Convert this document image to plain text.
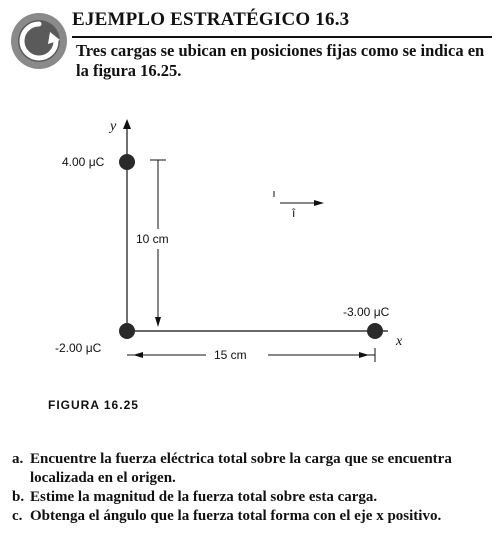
EJEMPLO ESTRATÉGICO 16.3
Tres cargas se ubican en posiciones fijas como se indica en la figura 16.25.
y
x
10 cm
15 cm
î
4.00 μC
-2.00 μC
-3.00 μC
FIGURA 16.25
a. Encuentre la fuerza eléctrica total sobre la carga que se encuentra localizada en el origen.
b. Estime la magnitud de la fuerza total sobre esta carga.
c. Obtenga el ángulo que la fuerza total forma con el eje x positivo.
